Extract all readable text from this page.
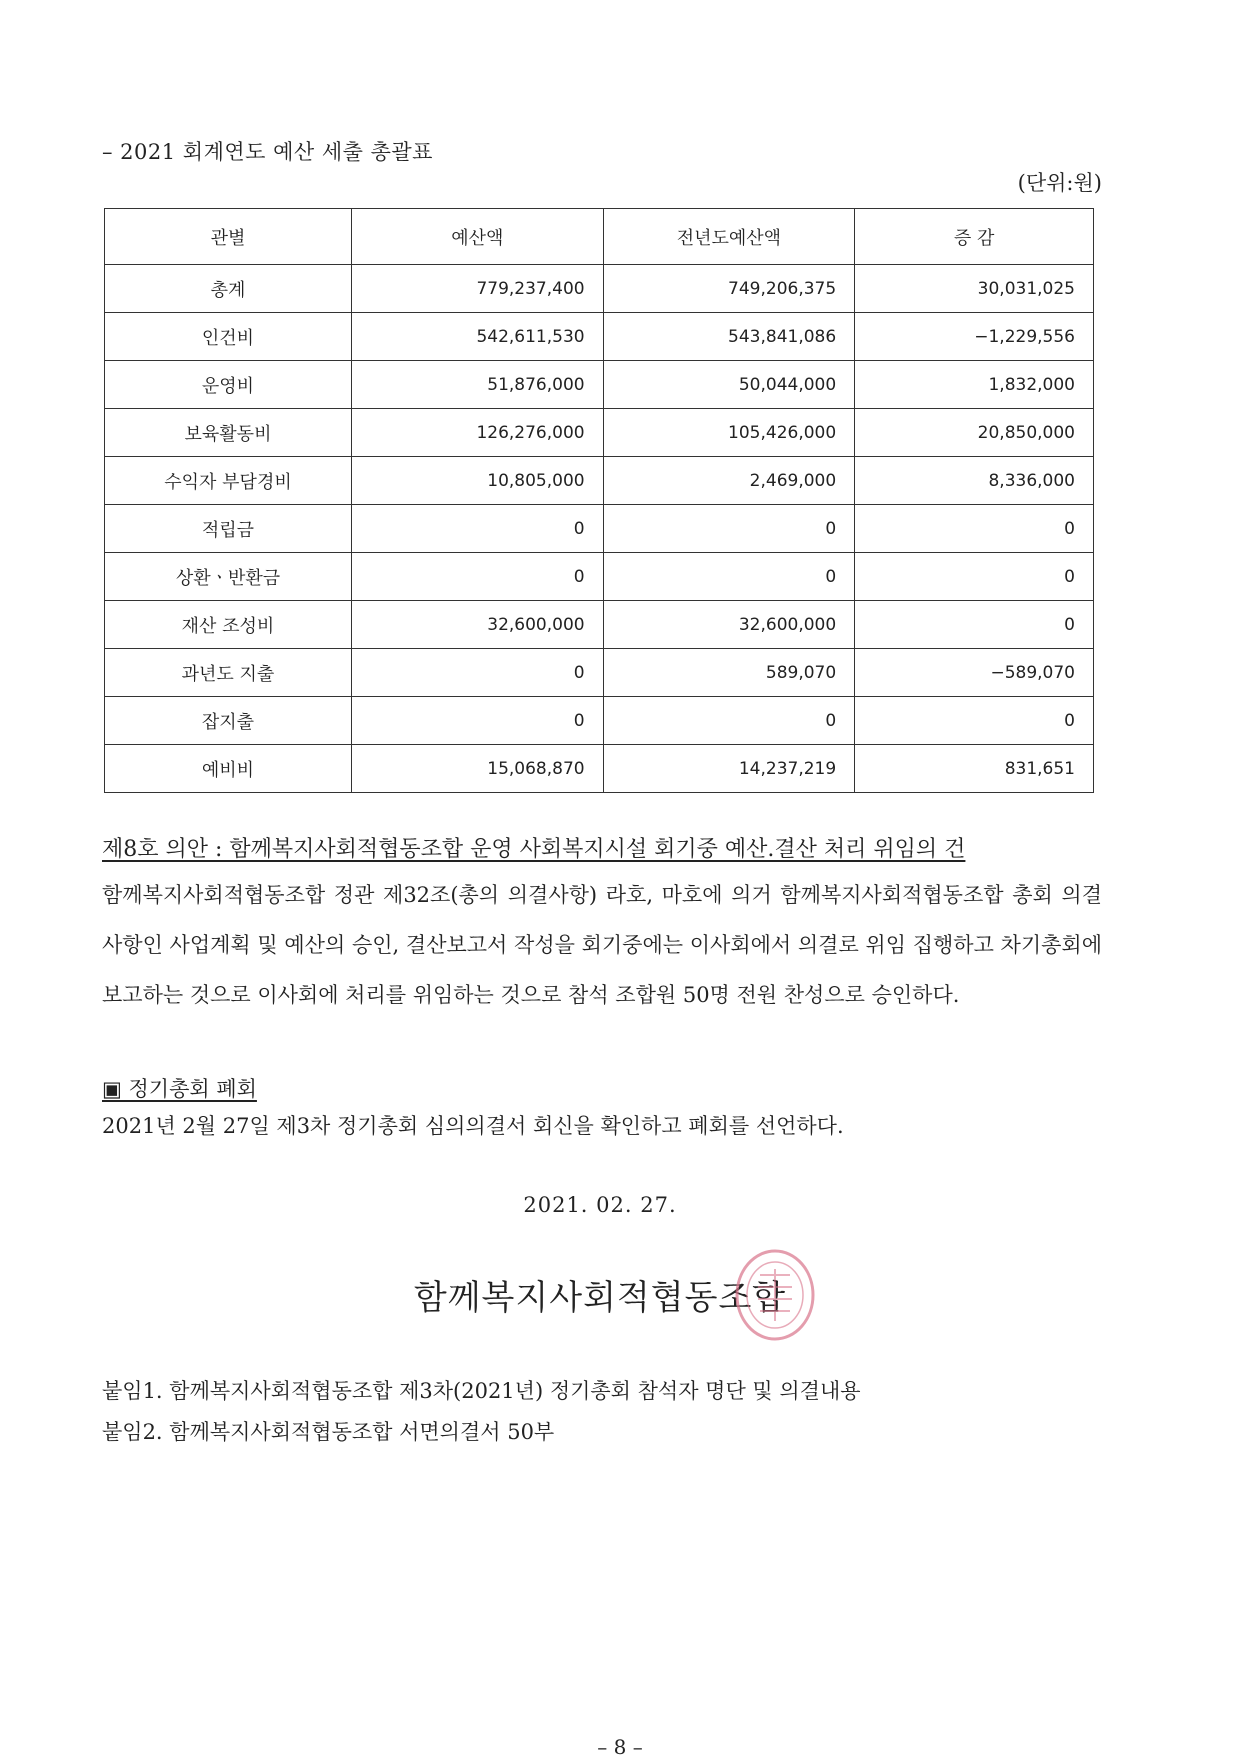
– 2021 회계연도 예산 세출 총괄표
(단위:원)
관별	예산액	전년도예산액	증 감
총계	779,237,400	749,206,375	30,031,025
인건비	542,611,530	543,841,086	−1,229,556
운영비	51,876,000	50,044,000	1,832,000
보육활동비	126,276,000	105,426,000	20,850,000
수익자 부담경비	10,805,000	2,469,000	8,336,000
적립금	0	0	0
상환ㆍ반환금	0	0	0
재산 조성비	32,600,000	32,600,000	0
과년도 지출	0	589,070	−589,070
잡지출	0	0	0
예비비	15,068,870	14,237,219	831,651
제8호 의안 : 함께복지사회적협동조합 운영 사회복지시설 회기중 예산.결산 처리 위임의 건

함께복지사회적협동조합 정관 제32조(총의 의결사항) 라호, 마호에 의거 함께복지사회적협동조합 총회 의결사항인 사업계획 및 예산의 승인, 결산보고서 작성을 회기중에는 이사회에서 의결로 위임 집행하고 차기총회에 보고하는 것으로 이사회에 처리를 위임하는 것으로 참석 조합원 50명 전원 찬성으로 승인하다.

▣ 정기총회 폐회

2021년 2월 27일 제3차 정기총회 심의의결서 회신을 확인하고 폐회를 선언하다.

2021. 02. 27.
함께복지사회적협동조합

붙임1. 함께복지사회적협동조합 제3차(2021년) 정기총회 참석자 명단 및 의결내용

붙임2. 함께복지사회적협동조합 서면의결서 50부

– 8 –
